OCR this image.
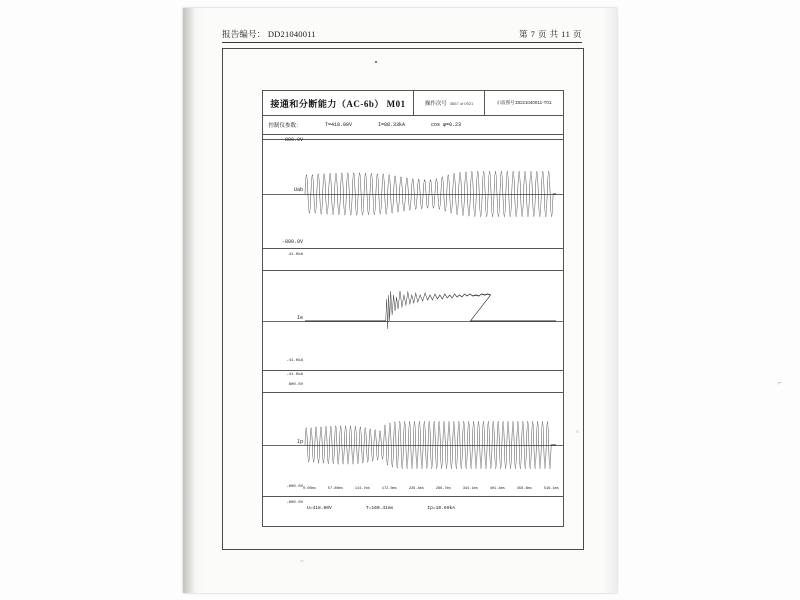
报告编号： DD21040011	第 7 页 共 11 页
接通和分断能力（AC-6b） M01	操作次号 3857 of 0921	示波图号:DD21040011-T01
控制仪参数：	T=418.00V	I=88.33kA	cos φ=0.23
800.0V
Uab
-800.0V
41.0kA
Ie
-41.0kA
-41.0kA
800.0V
Ip
-800.0V
-800.0V
0.00ms	57.80ms	114.7ms	172.0ms	229.4ms	286.7ms	344.1ms	401.4ms	458.8ms	516.1ms
U=418.00V	T=160.41ms	Ip=10.69kA
⌐
